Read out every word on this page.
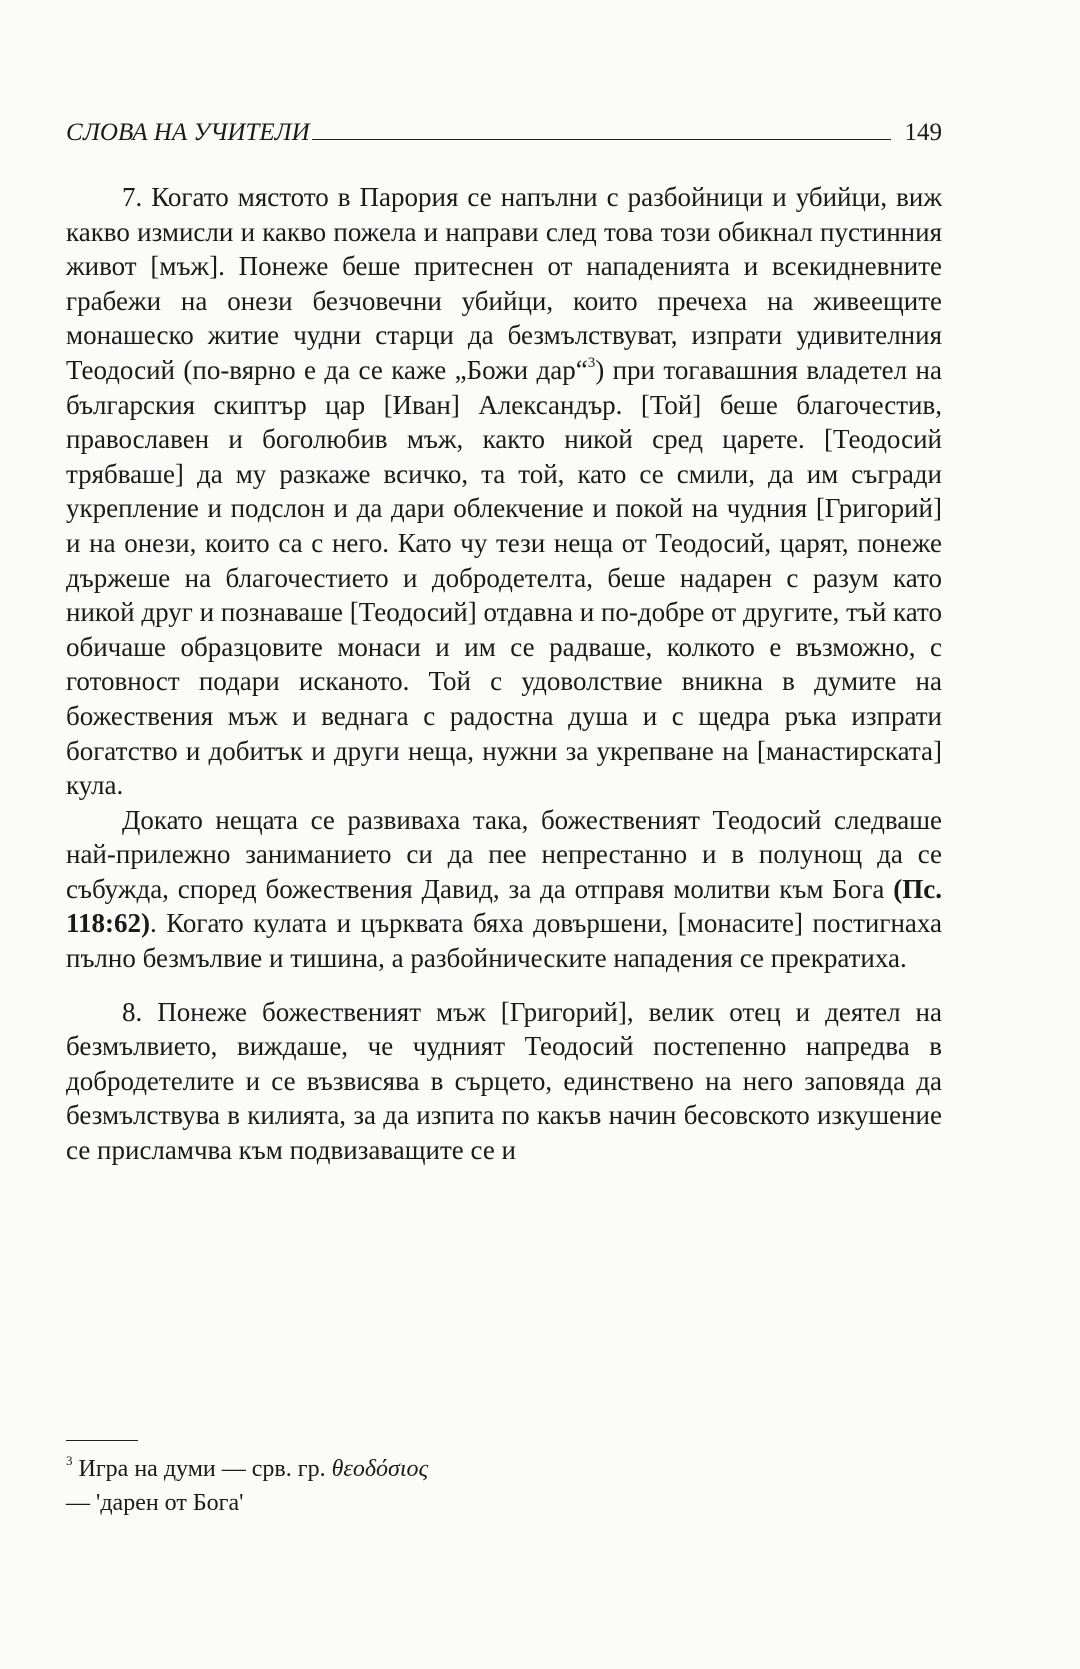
СЛОВА НА УЧИТЕЛИ	149

7. Когато мястото в Парория се напълни с разбойници и убийци, виж какво измисли и какво пожела и направи след това този обикнал пустинния живот [мъж]. Понеже беше притеснен от нападенията и всекидневните грабежи на онези безчовечни убийци, които пречеха на живеещите монашеско житие чудни старци да безмълствуват, изпрати удивителния Теодосий (по-вярно е да се каже „Божи дар“$^3$) при тогавашния владетел на българския скиптър цар [Иван] Александър. [Той] беше благочестив, православен и боголюбив мъж, както никой сред царете. [Теодосий трябваше] да му разкаже всичко, та той, като се смили, да им съгради укрепление и подслон и да дари облекчение и покой на чудния [Григорий] и на онези, които са с него. Като чу тези неща от Теодосий, царят, понеже държеше на благочестието и добродетелта, беше надарен с разум като никой друг и познаваше [Теодосий] отдавна и по-добре от другите, тъй като обичаше образцовите монаси и им се радваше, колкото е възможно, с готовност подари исканото. Той с удоволствие вникна в думите на божествения мъж и веднага с радостна душа и с щедра ръка изпрати богатство и добитък и други неща, нужни за укрепване на [манастирската] кула.

Докато нещата се развиваха така, божественият Теодосий следваше най-прилежно заниманието си да пее непрестанно и в полунощ да се събужда, според божествения Давид, за да отправя молитви към Бога (Пс. 118:62). Когато кулата и църквата бяха довършени, [монасите] постигнаха пълно безмълвие и тишина, а разбойническите нападения се прекратиха.

8. Понеже божественият мъж [Григорий], велик отец и деятел на безмълвието, виждаше, че чудният Теодосий постепенно напредва в добродетелите и се възвисява в сърцето, единствено на него заповяда да безмълствува в килията, за да изпита по какъв начин бесовското изкушение се присламчва към подвизаващите се и

$^3$ Игра на думи — срв. гр. θεοδόσιος
— 'дарен от Бога'
